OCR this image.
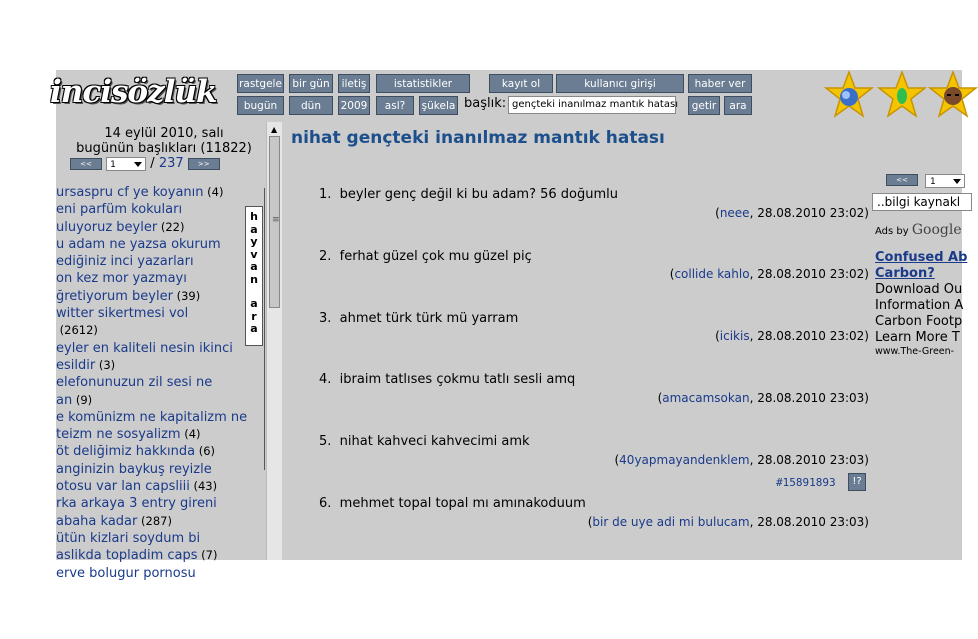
incisözlük	rastgele bir gün	iletiş	istatistikler	kayıt ol	kullanıcı girişi	haber ver
bugün	dün	2009	asl?	şükela başlık: gençteki inanılmaz mantık hatası	getir	ara
14 eylül 2010, salı
bugünün başlıkları (11822)
<< 1	/ 237 >>
ursaspru cf ye koyanın (4)
eni parfüm kokuları
uluyoruz beyler (22)
u adam ne yazsa okurum
ediğiniz inci yazarları
on kez mor yazmayı
ğretiyorum beyler (39)
witter sikertmesi vol
(2612)
eyler en kaliteli nesin ikinci
esildir (3)
elefonunuzun zil sesi ne
an (9)
e komünizm ne kapitalizm ne
teizm ne sosyalizm (4)
öt deliğimiz hakkında (6)
anginizin baykuş reyizle
otosu var lan capsliii (43)
rka arkaya 3 entry gireni
abaha kadar (287)
ütün kizlari soydum bi
aslikda topladim caps (7)
erve bolugur pornosu
h
a
y
v
a
n
a
r
a
▲
≡
nihat gençteki inanılmaz mantık hatası
1. beyler genç değil ki bu adam? 56 doğumlu
(neee, 28.08.2010 23:02)
2. ferhat güzel çok mu güzel piç
(collide kahlo, 28.08.2010 23:02)
3. ahmet türk türk mü yarram
(icikis, 28.08.2010 23:02)
4. ibraim tatlıses çokmu tatlı sesli amq
(amacamsokan, 28.08.2010 23:03)
5. nihat kahveci kahvecimi amk
(40yapmayandenklem, 28.08.2010 23:03)
#15891893	!?
6. mehmet topal topal mı amınakoduum
(bir de uye adi mi bulucam, 28.08.2010 23:03)
<<	1
..bilgi kaynakl
Ads by Google
Confused Ab
Carbon?
Download Ou
Information A
Carbon Footp
Learn More T
www.The-Green-
